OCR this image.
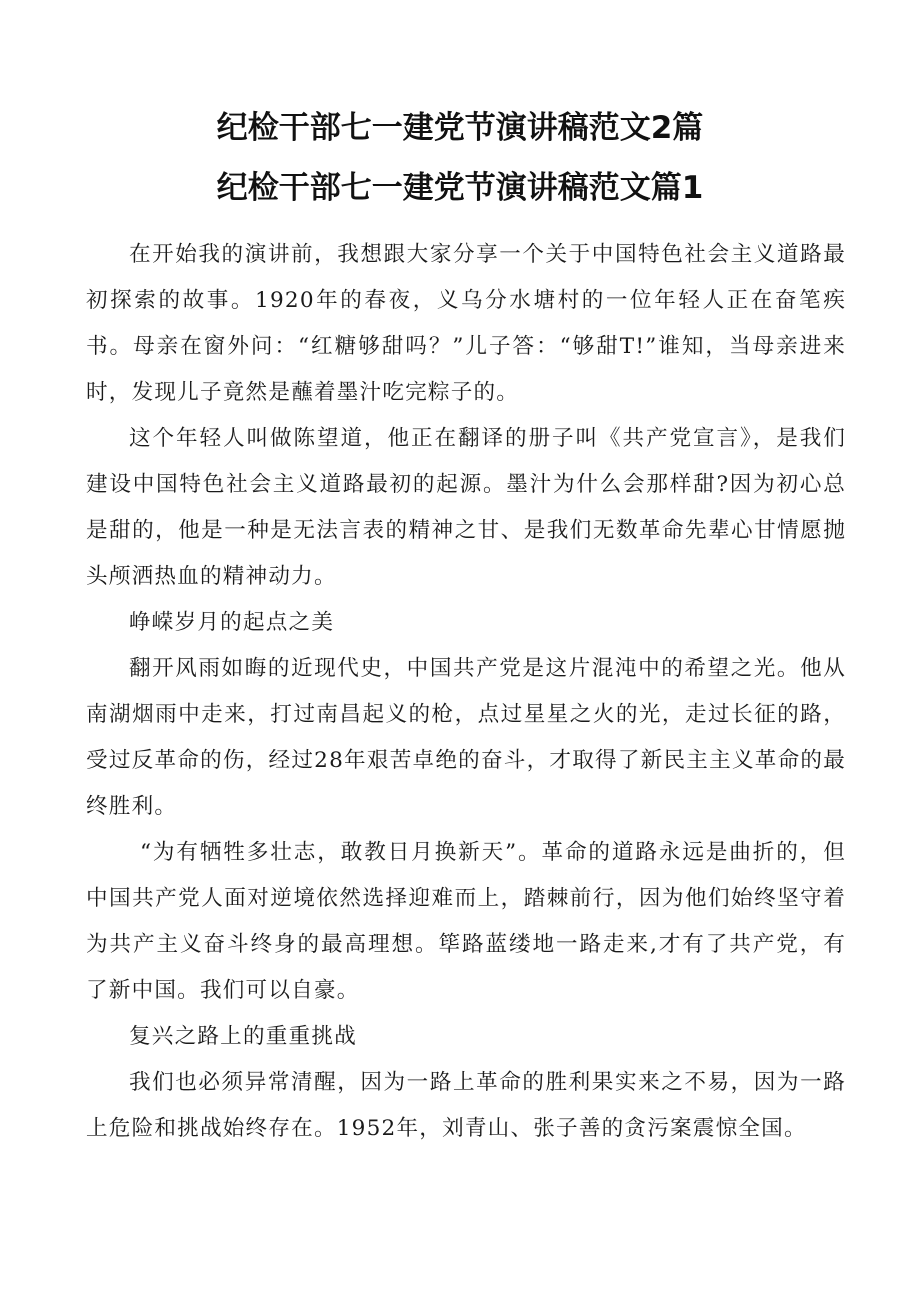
纪检干部七一建党节演讲稿范文2篇
纪检干部七一建党节演讲稿范文篇1

在开始我的演讲前，我想跟大家分享一个关于中国特色社会主义道路最初探索的故事。1920年的春夜，义乌分水塘村的一位年轻人正在奋笔疾书。母亲在窗外问：“红糖够甜吗？”儿子答：“够甜T!”谁知，当母亲进来时，发现儿子竟然是蘸着墨汁吃完粽子的。

这个年轻人叫做陈望道，他正在翻译的册子叫《共产党宣言》，是我们建设中国特色社会主义道路最初的起源。墨汁为什么会那样甜?因为初心总是甜的，他是一种是无法言表的精神之甘、是我们无数革命先辈心甘情愿抛头颅洒热血的精神动力。

峥嵘岁月的起点之美

翻开风雨如晦的近现代史，中国共产党是这片混沌中的希望之光。他从南湖烟雨中走来，打过南昌起义的枪，点过星星之火的光，走过长征的路，受过反革命的伤，经过28年艰苦卓绝的奋斗，才取得了新民主主义革命的最终胜利。

“为有牺牲多壮志，敢教日月换新天”。革命的道路永远是曲折的，但中国共产党人面对逆境依然选择迎难而上，踏棘前行，因为他们始终坚守着为共产主义奋斗终身的最高理想。筚路蓝缕地一路走来,才有了共产党，有了新中国。我们可以自豪。

复兴之路上的重重挑战

我们也必须异常清醒，因为一路上革命的胜利果实来之不易，因为一路上危险和挑战始终存在。1952年，刘青山、张子善的贪污案震惊全国。
